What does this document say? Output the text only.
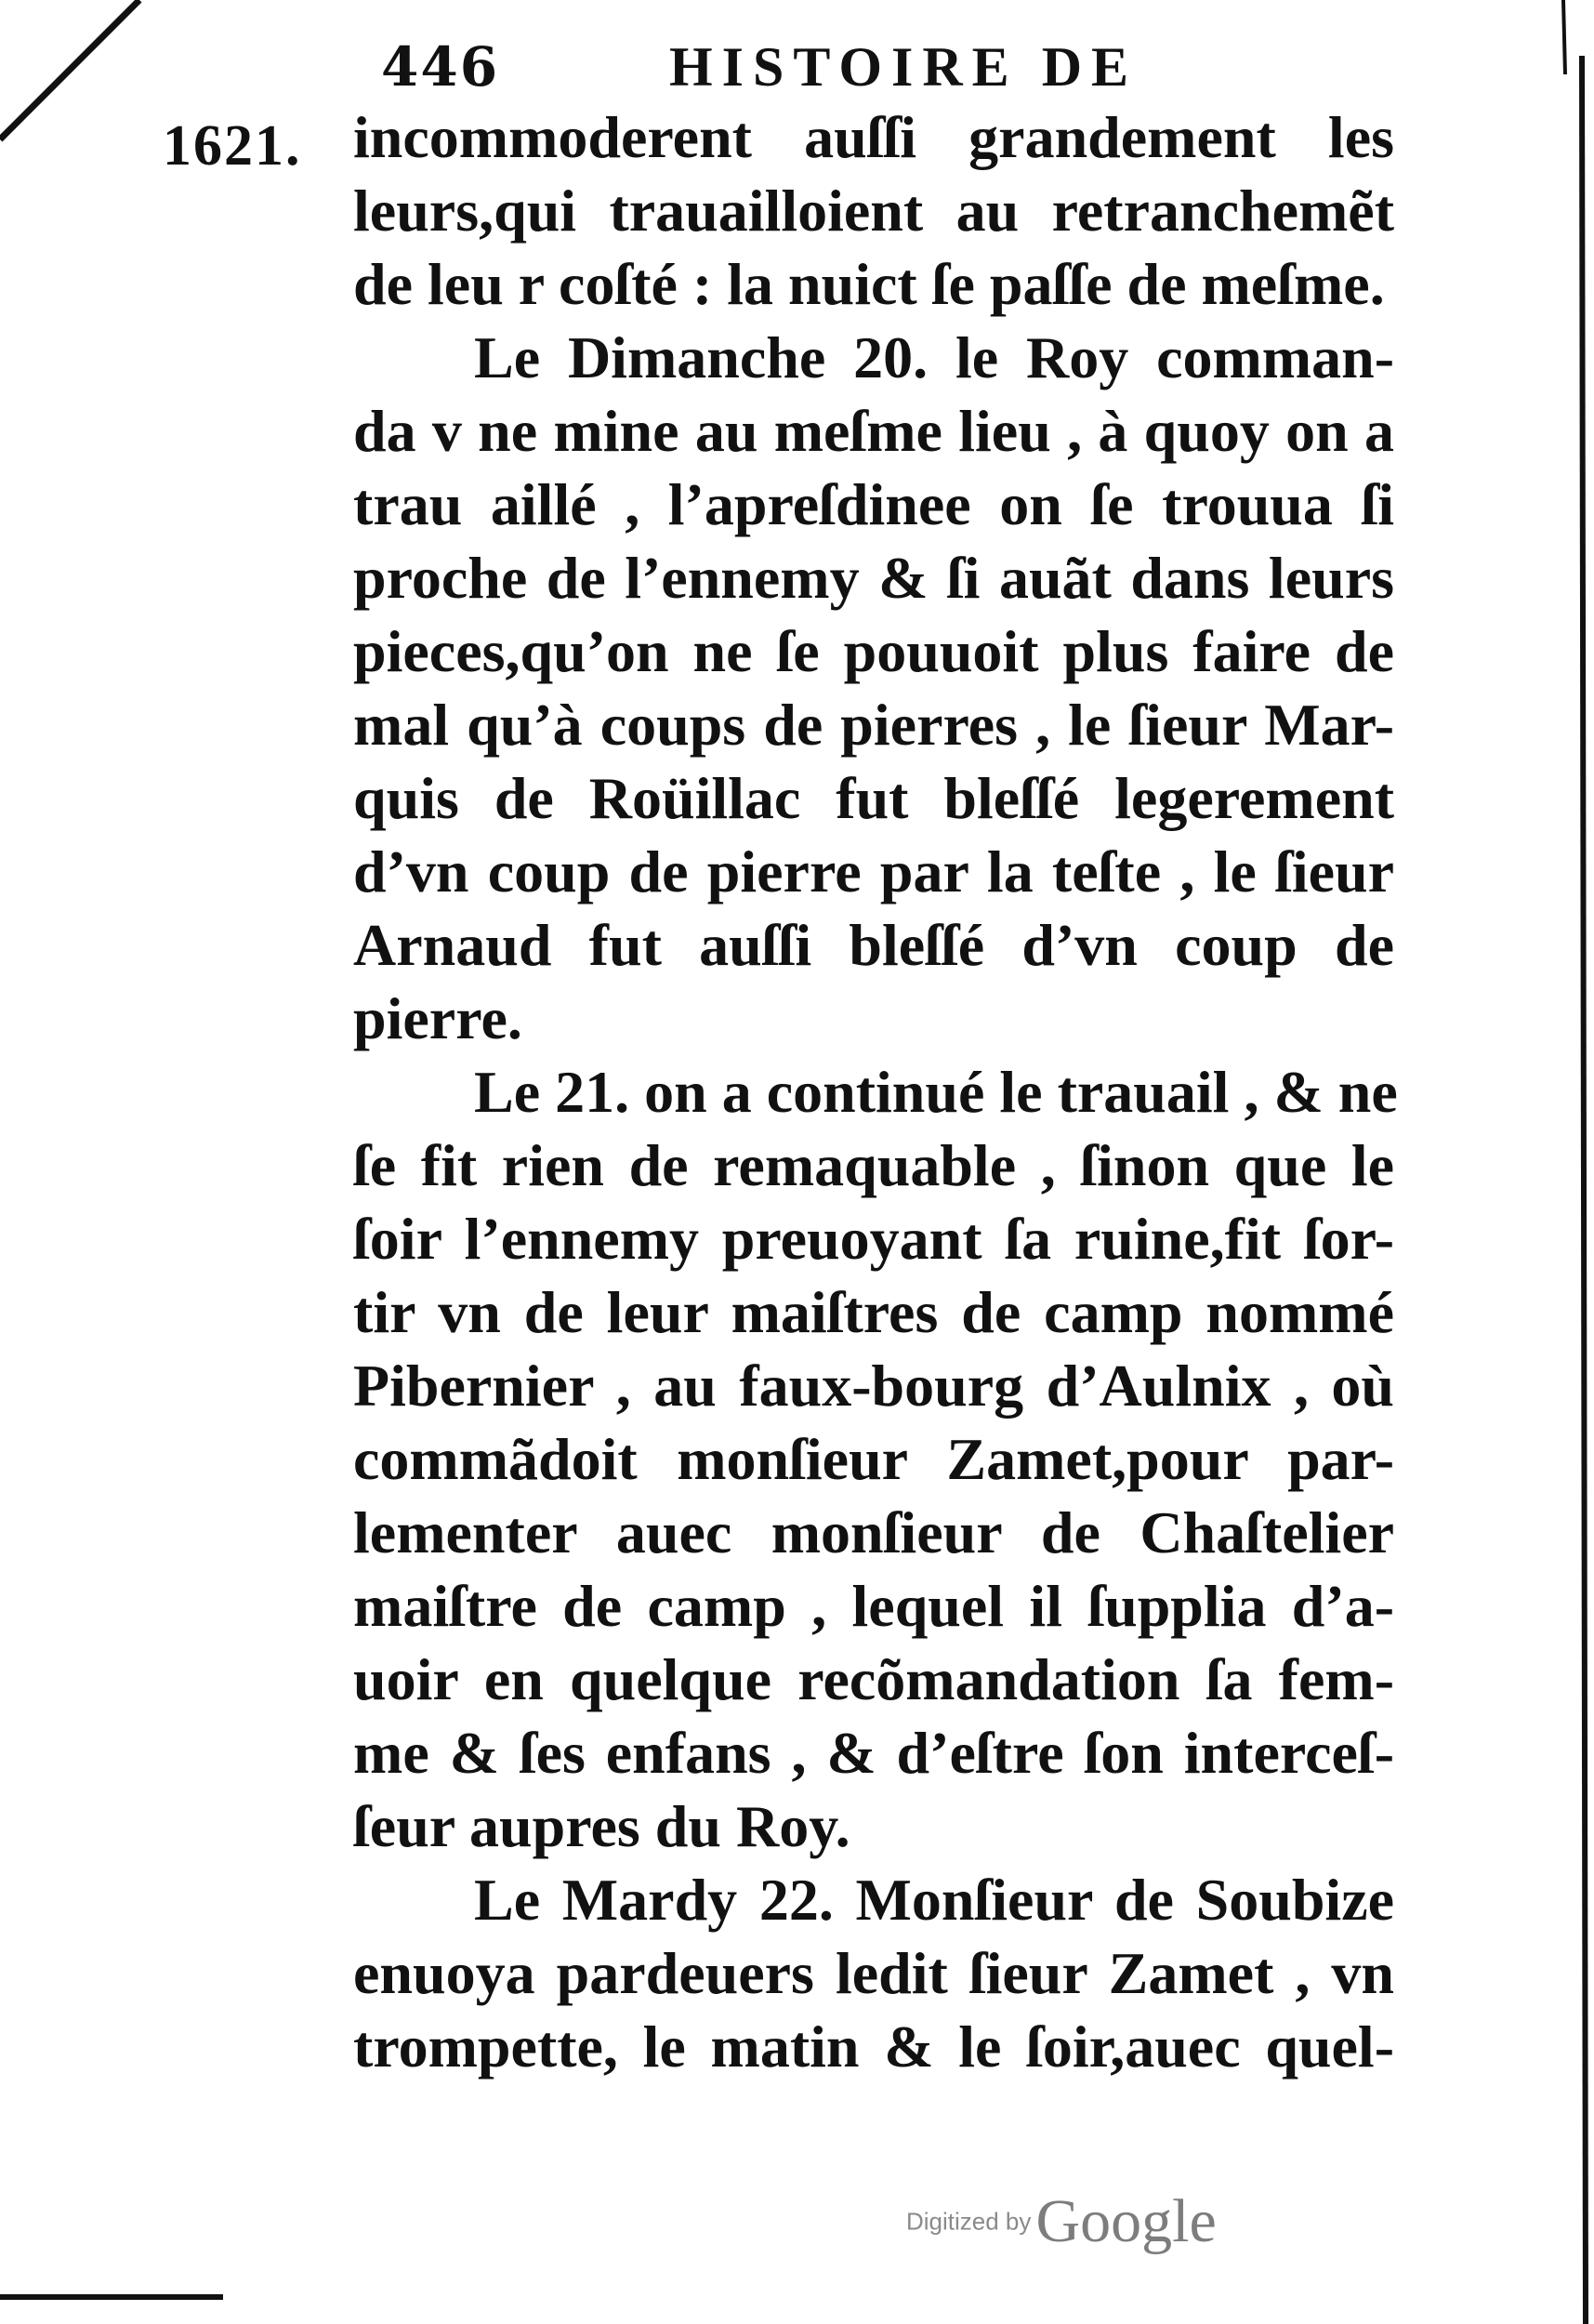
446	HISTOIRE DE
1621. incommoderent auſſi grandement les
leurs,qui trauailloient au retranchemẽt
de leu r coſté : la nuict ſe paſſe de meſme.
Le Dimanche 20. le Roy comman-
da v ne mine au meſme lieu , à quoy on a
trau aillé , l’apreſdinee on ſe trouua ſi
proche de l’ennemy & ſi auãt dans leurs
pieces,qu’on ne ſe pouuoit plus faire de
mal qu’à coups de pierres , le ſieur Mar-
quis de Roüillac fut bleſſé legerement
d’vn coup de pierre par la teſte , le ſieur
Arnaud fut auſſi bleſſé d’vn coup de
pierre.
Le 21. on a continué le trauail , & ne
ſe fit rien de remaquable , ſinon que le
ſoir l’ennemy preuoyant ſa ruine,fit ſor-
tir vn de leur maiſtres de camp nommé
Pibernier , au faux-bourg d’Aulnix , où
commãdoit monſieur Zamet,pour par-
lementer auec monſieur de Chaſtelier
maiſtre de camp , lequel il ſupplia d’a-
uoir en quelque recõmandation ſa fem-
me & ſes enfans , & d’eſtre ſon interceſ-
ſeur aupres du Roy.
Le Mardy 22. Monſieur de Soubize
enuoya pardeuers ledit ſieur Zamet , vn
trompette, le matin & le ſoir,auec quel-
Digitized by Google
